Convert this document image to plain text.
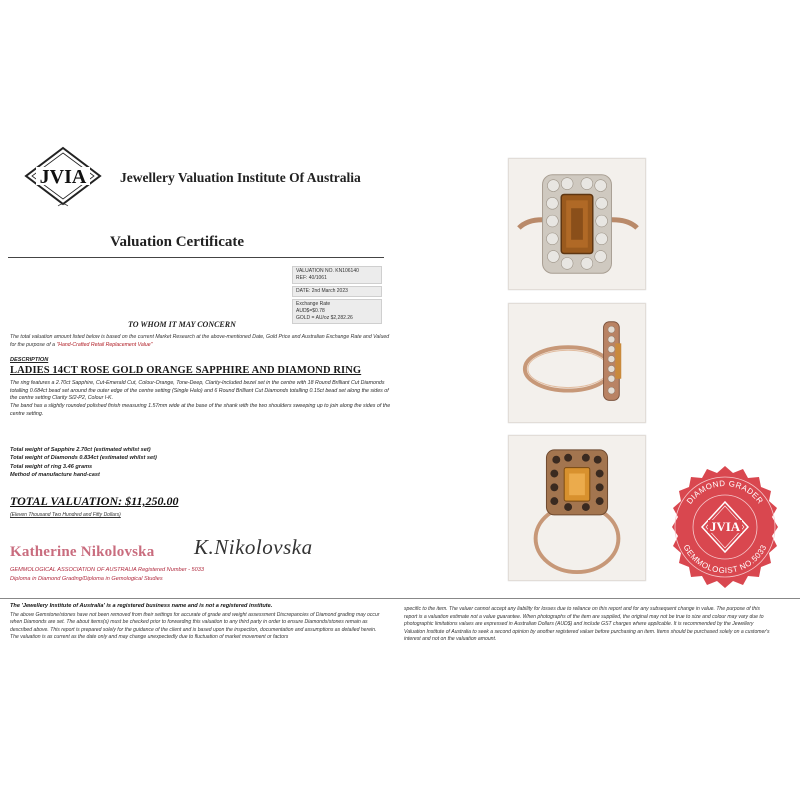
JVIA Jewellery Valuation Institute Of Australia
Valuation Certificate
VALUATION NO. KN106140
REF: 40/1061
DATE: 2nd March 2023
Exchange Rate
AUD$=$0.78
GOLD = AU/oz $2,282.26
TO WHOM IT MAY CONCERN
The total valuation amount listed below is based on the current Market Research at the above-mentioned Date, Gold Price and Australian Exchange Rate and Valued for the purpose of a "Hand-Crafted Retail Replacement Value"
DESCRIPTION
LADIES 14CT ROSE GOLD ORANGE SAPPHIRE AND DIAMOND RING

The ring features a 2.70ct Sapphire, Cut-Emerald Cut, Colour-Orange, Tone-Deep, Clarity-Included bezel set in the centre with 18 Round Brilliant Cut Diamonds totalling 0.684ct bead set around the outer edge of the centre setting (Single Halo) and 6 Round Brilliant Cut Diamonds totalling 0.15ct bead set along the sides of the centre setting Clarity SI2-P2, Colour I-K.

The band has a slightly rounded polished finish measuring 1.57mm wide at the base of the shank with the two shoulders sweeping up to join along the sides of the centre setting.

Total weight of Sapphire 2.70ct (estimated whilst set)
Total weight of Diamonds 0.834ct (estimated whilst set)
Total weight of ring 3.46 grams
Method of manufacture hand-cast
TOTAL VALUATION: $11,250.00
(Eleven Thousand Two Hundred and Fifty Dollars)
Katherine Nikolovska K.Nikolovska
GEMMOLOGICAL ASSOCIATION OF AUSTRALIA Registered Number - 5033
Diploma in Diamond Grading/Diploma in Gemological Studies
DIAMOND GRADER
GEMMOLOGIST NO.5033
JVIA
The 'Jewellery Institute of Australia' is a registered business name and is not a registered institute.
The above Gemstone/stones have not been removed from their settings for accurate of grade and weight assessment Discrepancies of Diamond grading may occur when Diamonds are set. The about items(s) must be checked prior to forwarding this valuation to any third party in order to ensure Diamonds/stones remain as described above. This report is prepared solely for the guidance of the client and is based upon the inspection, documentation and assumptions as detailed herein. The valuation is as current as the date only and may change unexpectedly due to fluctuation of market movement or factors
specific to the item. The valuer cannot accept any liability for losses due to reliance on this report and for any subsequent change in value. The purpose of this report is a valuation estimate not a value guarantee. When photographs of the item are supplied, the original may not be true to size and colour may vary due to photographic limitations values are expressed in Australian Dollars (AUD$) and include GST charges where applicable. It is recommended by the Jewellery Valuation Institute of Australia to seek a second opinion by another registered valuer before purchasing an item. Items should be purchased solely on a customer's interest and not on the valuation amount.
